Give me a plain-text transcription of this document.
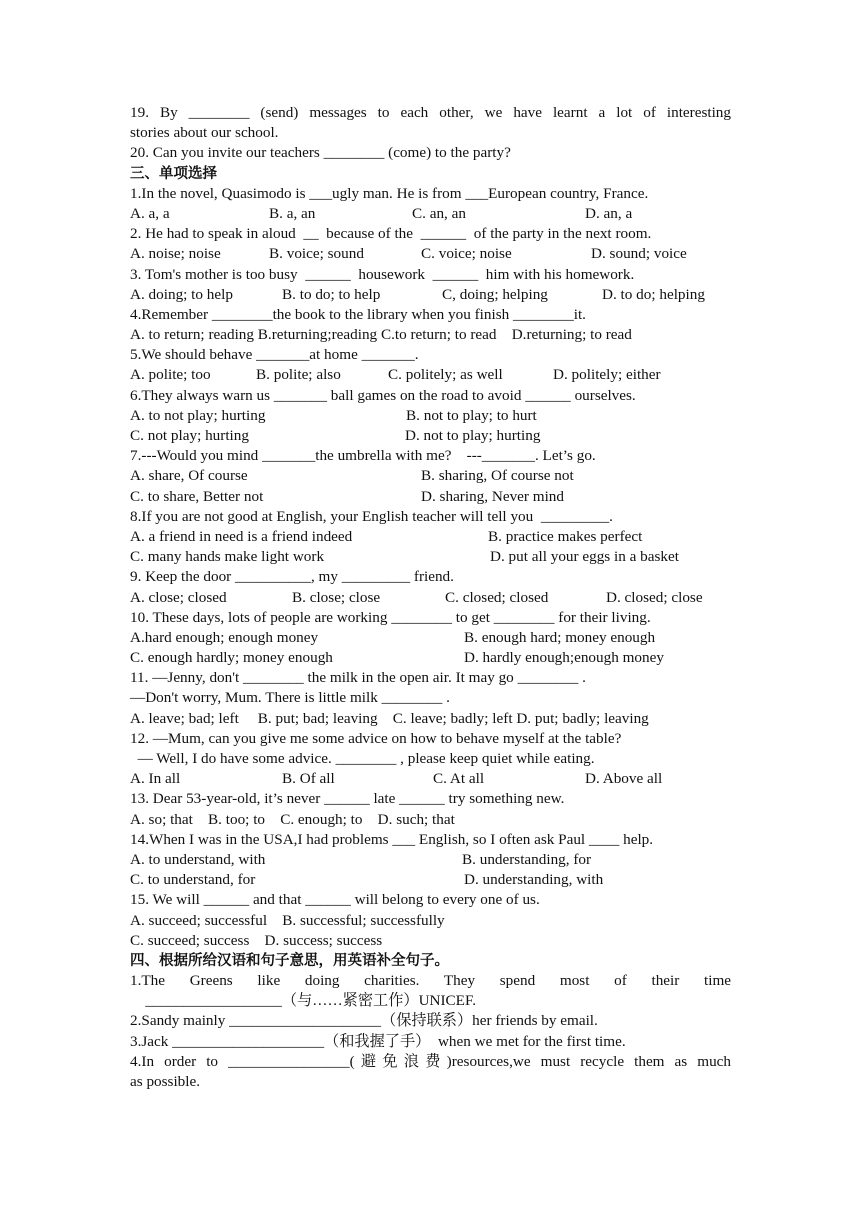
19. By ________ (send) messages to each other, we have learnt a lot of interesting
stories about our school.
20. Can you invite our teachers ________ (come) to the party?
三、单项选择
1.In the novel, Quasimodo is ___ugly man. He is from ___European country, France.
A. a, a	B. a, an	C. an, an	D. an, a
2. He had to speak in aloud  __  because of the  ______  of the party in the next room.
A. noise; noise	B. voice; sound	C. voice; noise	D. sound; voice
3. Tom's mother is too busy  ______  housework  ______  him with his homework.
A. doing; to help	B. to do; to help	C, doing; helping	D. to do; helping
4.Remember ________the book to the library when you finish ________it.
A. to return; reading B.returning;reading C.to return; to read    D.returning; to read
5.We should behave _______at home _______.
A. polite; too	B. polite; also	C. politely; as well	D. politely; either
6.They always warn us _______ ball games on the road to avoid ______ ourselves.
A. to not play; hurting	B. not to play; to hurt
C. not play; hurting	D. not to play; hurting
7.---Would you mind _______the umbrella with me?    ---_______. Let’s go.
A. share, Of course	B. sharing, Of course not
C. to share, Better not	D. sharing, Never mind
8.If you are not good at English, your English teacher will tell you  _________.
A. a friend in need is a friend indeed	B. practice makes perfect
C. many hands make light work	D. put all your eggs in a basket
9. Keep the door __________, my _________ friend.
A. close; closed	B. close; close	C. closed; closed	D. closed; close
10. These days, lots of people are working ________ to get ________ for their living.
A.hard enough; enough money	B. enough hard; money enough
C. enough hardly; money enough	D. hardly enough;enough money
11. —Jenny, don't ________ the milk in the open air. It may go ________ .
—Don't worry, Mum. There is little milk ________ .
A. leave; bad; left     B. put; bad; leaving    C. leave; badly; left D. put; badly; leaving
12. —Mum, can you give me some advice on how to behave myself at the table?
— Well, I do have some advice. ________ , please keep quiet while eating.
A. In all	B. Of all	C. At all	D. Above all
13. Dear 53-year-old, it’s never ______ late ______ try something new.
A. so; that    B. too; to    C. enough; to    D. such; that
14.When I was in the USA,I had problems ___ English, so I often ask Paul ____ help.
A. to understand, with	B. understanding, for
C. to understand, for	D. understanding, with
15. We will ______ and that ______ will belong to every one of us.
A. succeed; successful    B. successful; successfully
C. succeed; success    D. success; success
四、根据所给汉语和句子意思，用英语补全句子。
1.The Greens like doing charities. They spend most of their time
__________________（与……紧密工作）UNICEF.
2.Sandy mainly ____________________（保持联系）her friends by email.
3.Jack ____________________（和我握了手）  when we met for the first time.
4.In order to ________________(避免浪费)resources,we must recycle them as much
as possible.
